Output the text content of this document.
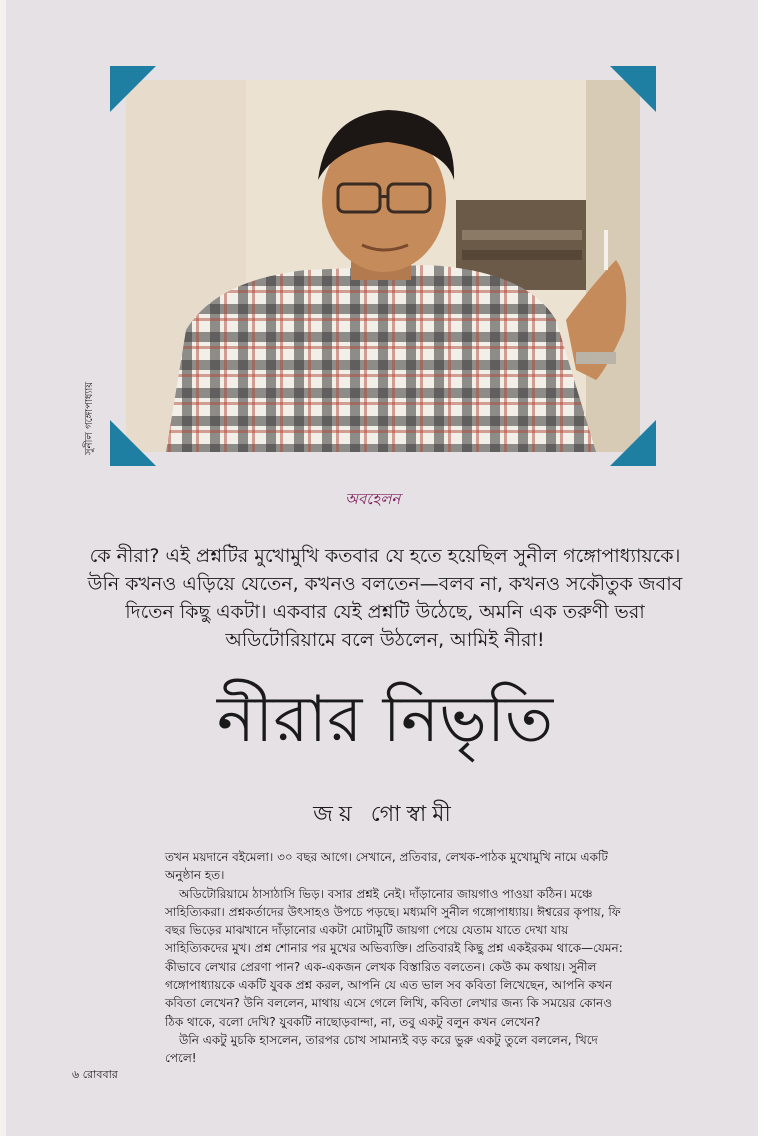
সুনীল গঙ্গোপাধ্যায়
অবহেলন
কে নীরা? এই প্রশ্নটির মুখোমুখি কতবার যে হতে হয়েছিল সুনীল গঙ্গোপাধ্যায়কে। উনি কখনও এড়িয়ে যেতেন, কখনও বলতেন—বলব না, কখনও সকৌতুক জবাব দিতেন কিছু একটা। একবার যেই প্রশ্নটি উঠেছে, অমনি এক তরুণী ভরা অডিটোরিয়ামে বলে উঠলেন, আমিই নীরা!
নীরার নিভৃতি
জয় গোস্বামী

তখন ময়দানে বইমেলা। ৩০ বছর আগে। সেখানে, প্রতিবার, লেখক-পাঠক মুখোমুখি নামে একটি অনুষ্ঠান হত।

অডিটোরিয়ামে ঠাসাঠাসি ভিড়। বসার প্রশ্নই নেই। দাঁড়ানোর জায়গাও পাওয়া কঠিন। মঞ্চে সাহিত্যিকরা। প্রশ্নকর্তাদের উৎসাহও উপচে পড়ছে। মধ্যমণি সুনীল গঙ্গোপাধ্যায়। ঈশ্বরের কৃপায়, ফি বছর ভিড়ের মাঝখানে দাঁড়ানোর একটা মোটামুটি জায়গা পেয়ে যেতাম যাতে দেখা যায় সাহিত্যিকদের মুখ। প্রশ্ন শোনার পর মুখের অভিব্যক্তি। প্রতিবারই কিছু প্রশ্ন একইরকম থাকে—যেমন: কীভাবে লেখার প্রেরণা পান? এক-একজন লেখক বিস্তারিত বলতেন। কেউ কম কথায়। সুনীল গঙ্গোপাধ্যায়কে একটি যুবক প্রশ্ন করল, আপনি যে এত ভাল সব কবিতা লিখেছেন, আপনি কখন কবিতা লেখেন? উনি বললেন, মাথায় এসে গেলে লিখি, কবিতা লেখার জন্য কি সময়ের কোনও ঠিক থাকে, বলো দেখি? যুবকটি নাছোড়বান্দা, না, তবু একটু বলুন কখন লেখেন?

উনি একটু মুচকি হাসলেন, তারপর চোখ সামান্যই বড় করে ভুরু একটু তুলে বললেন, খিদে পেলে!

৬ রোববার
